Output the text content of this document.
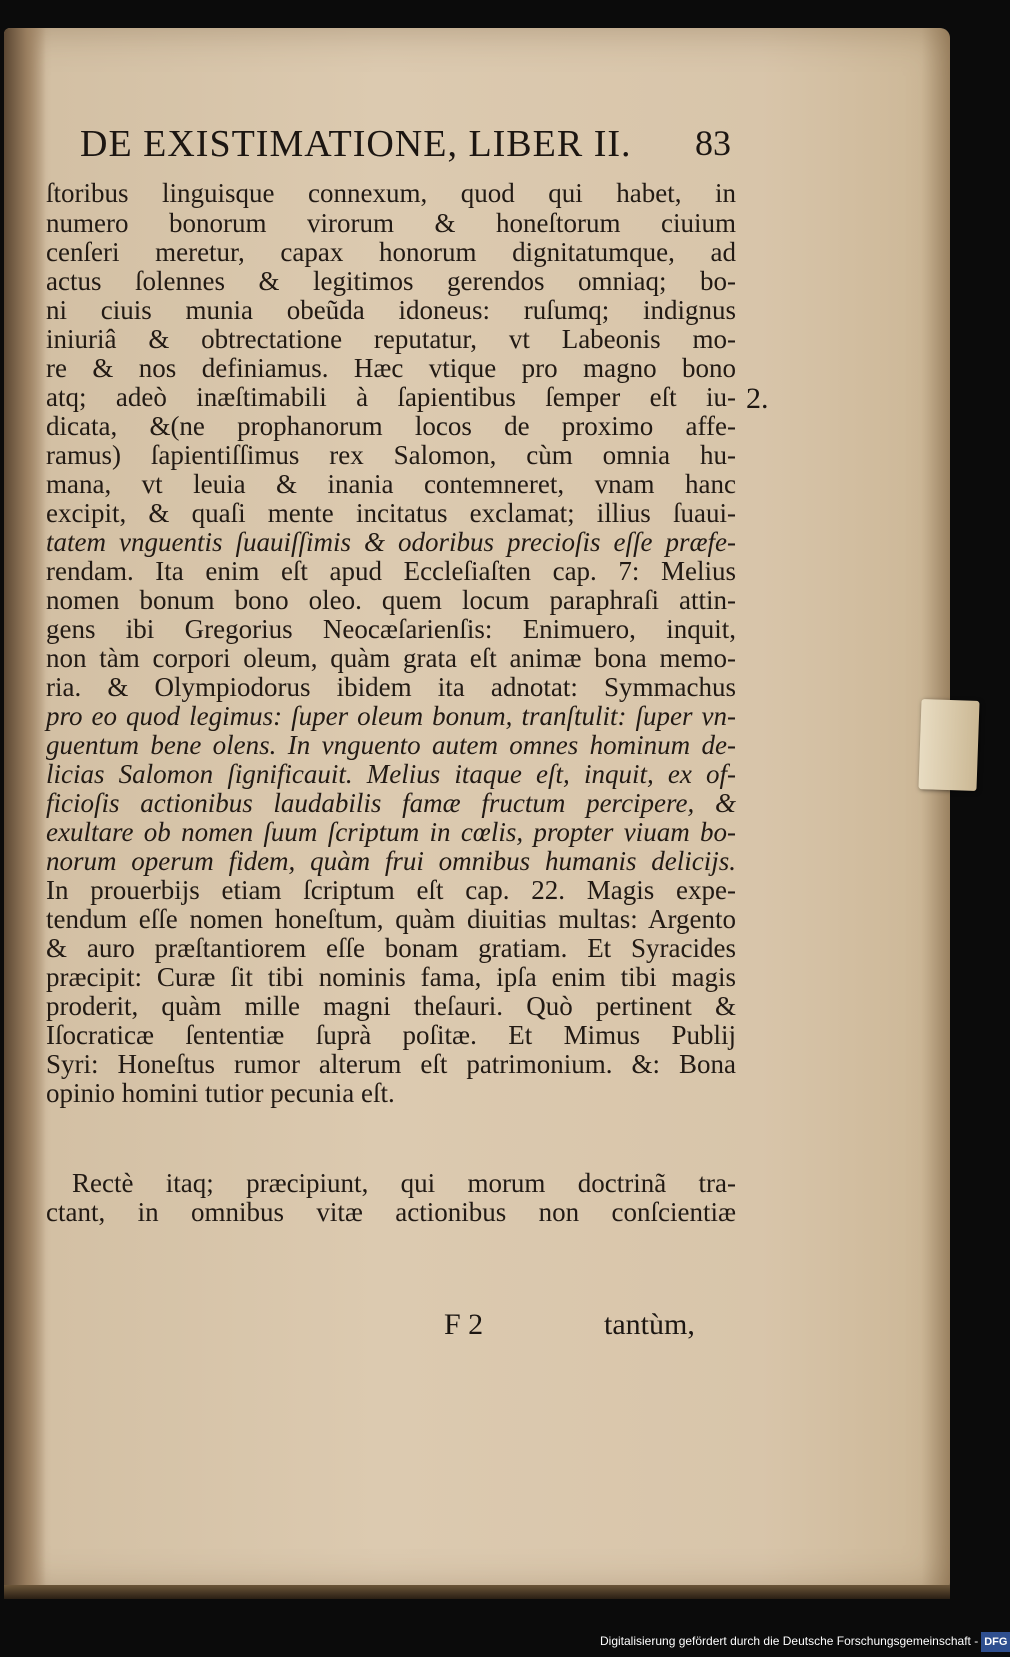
DE EXISTIMATIONE, LIBER II.	83
ſtoribus linguisque connexum, quod qui habet, in
numero bonorum virorum & honeſtorum ciuium
cenſeri meretur, capax honorum dignitatumque, ad
actus ſolennes & legitimos gerendos omniaq; bo-
ni ciuis munia obeũda idoneus: ruſumq; indignus
iniuriâ & obtrectatione reputatur, vt Labeonis mo-
re & nos definiamus. Hæc vtique pro magno bono
atq; adeò inæſtimabili à ſapientibus ſemper eſt iu-
dicata, &(ne prophanorum locos de proximo affe-
ramus) ſapientiſſimus rex Salomon, cùm omnia hu-
mana, vt leuia & inania contemneret, vnam hanc
excipit, & quaſi mente incitatus exclamat; illius ſuaui-
tatem vnguentis ſuauiſſimis & odoribus precioſis eſſe præfe-
rendam. Ita enim eſt apud Eccleſiaſten cap. 7: Melius
nomen bonum bono oleo. quem locum paraphraſi attin-
gens ibi Gregorius Neocæſarienſis: Enimuero, inquit,
non tàm corpori oleum, quàm grata eſt animæ bona memo-
ria. & Olympiodorus ibidem ita adnotat: Symmachus
pro eo quod legimus: ſuper oleum bonum, tranſtulit: ſuper vn-
guentum bene olens. In vnguento autem omnes hominum de-
licias Salomon ſignificauit. Melius itaque eſt, inquit, ex of-
ficioſis actionibus laudabilis famæ fructum percipere, &
exultare ob nomen ſuum ſcriptum in cœlis, propter viuam bo-
norum operum fidem, quàm frui omnibus humanis delicijs.
In prouerbijs etiam ſcriptum eſt cap. 22. Magis expe-
tendum eſſe nomen honeſtum, quàm diuitias multas: Argento
& auro præſtantiorem eſſe bonam gratiam. Et Syracides
præcipit: Curæ ſit tibi nominis fama, ipſa enim tibi magis
proderit, quàm mille magni theſauri. Quò pertinent &
Iſocraticæ ſententiæ ſuprà poſitæ. Et Mimus Publij
Syri: Honeſtus rumor alterum eſt patrimonium. &: Bona
opinio homini tutior pecunia eſt.
Rectè itaq; præcipiunt, qui morum doctrinã tra-
ctant, in omnibus vitæ actionibus non conſcientiæ
2.
F 2	tantùm,
Digitalisierung gefördert durch die Deutsche Forschungsgemeinschaft - DFG
